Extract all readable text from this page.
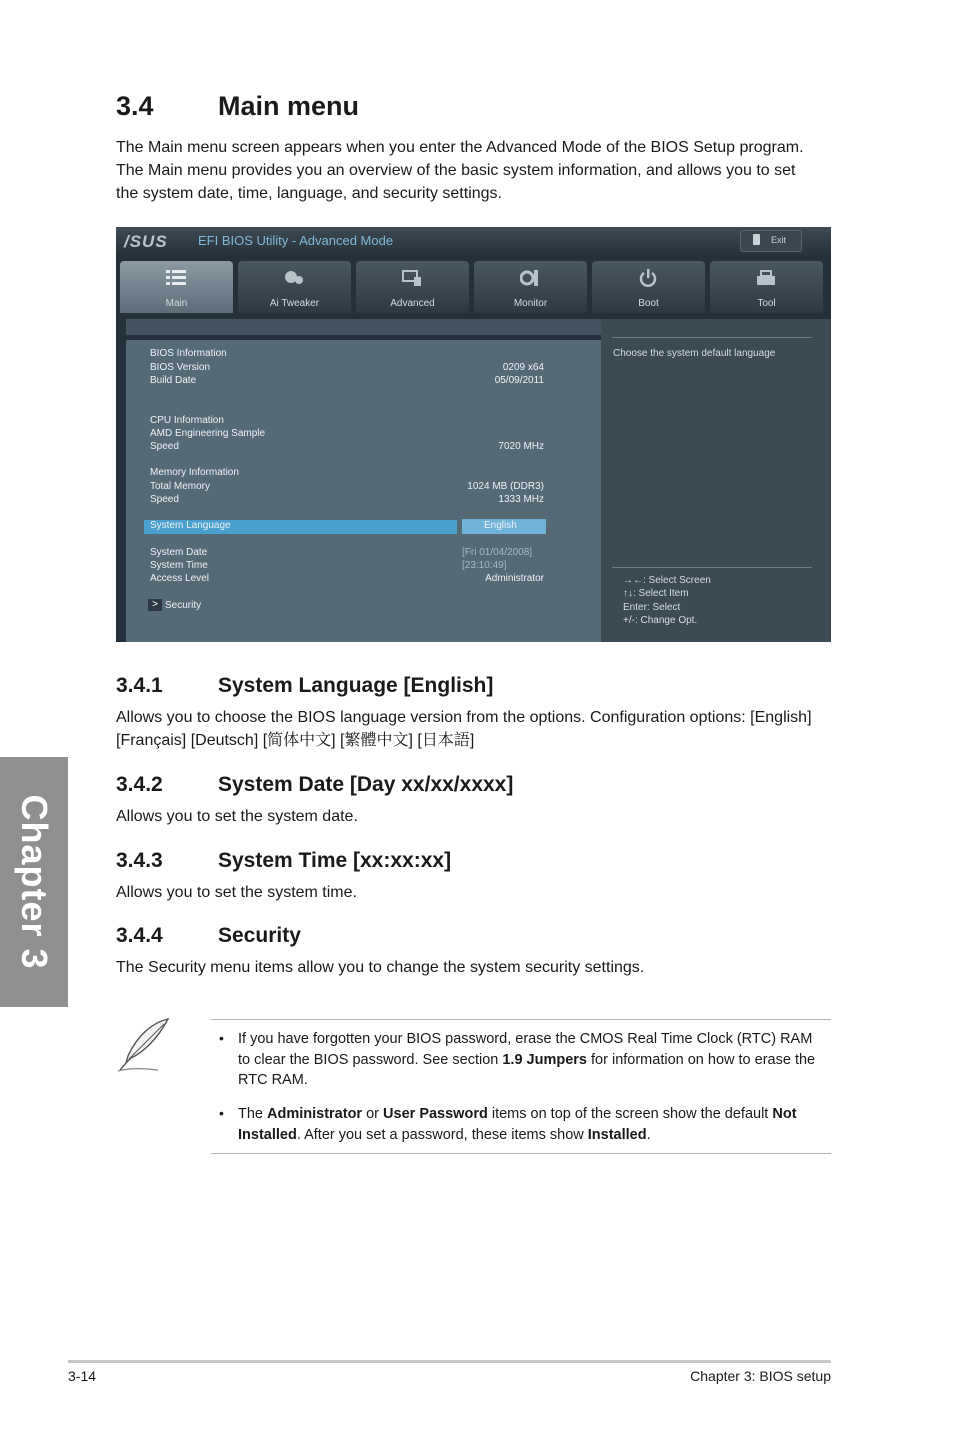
Chapter 3
3.4 Main menu
The Main menu screen appears when you enter the Advanced Mode of the BIOS Setup program. The Main menu provides you an overview of the basic system information, and allows you to set the system date, time, language, and security settings.
/SUS EFI BIOS Utility - Advanced Mode	Exit
Main	Ai Tweaker	Advanced	Monitor	Boot	Tool
BIOS Information
BIOS Version	0209 x64
Build Date	05/09/2011
CPU Information
AMD Engineering Sample
Speed	7020 MHz
Memory Information
Total Memory	1024 MB (DDR3)
Speed	1333 MHz
System Language	English
System Date	[Fri 01/04/2008]
System Time	[23:10:49]
Access Level	Administrator
> Security
Choose the system default language
→←: Select Screen
↑↓: Select Item
Enter: Select
+/-: Change Opt.
3.4.1	System Language [English]
Allows you to choose the BIOS language version from the options. Configuration options: [English] [Français] [Deutsch] [简体中文] [繁體中文] [日本語]
3.4.2	System Date [Day xx/xx/xxxx]
Allows you to set the system date.
3.4.3	System Time [xx:xx:xx]
Allows you to set the system time.
3.4.4	Security
The Security menu items allow you to change the system security settings.
• If you have forgotten your BIOS password, erase the CMOS Real Time Clock (RTC) RAM to clear the BIOS password. See section 1.9 Jumpers for information on how to erase the RTC RAM.
• The Administrator or User Password items on top of the screen show the default Not Installed. After you set a password, these items show Installed.
3-14	Chapter 3: BIOS setup
